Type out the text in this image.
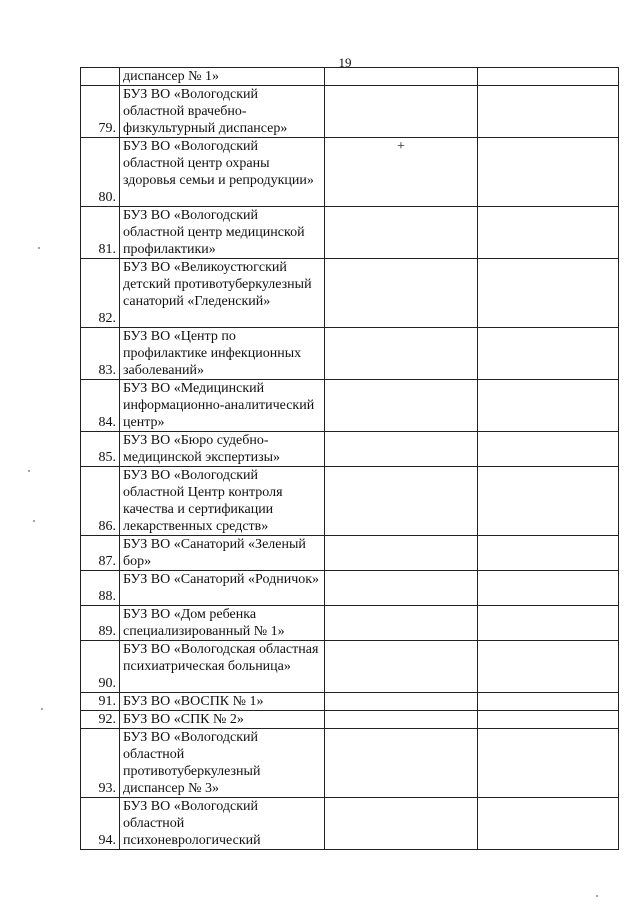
19
	диспансер № 1»		
79.	БУЗ ВО «Вологодский областной врачебно-физкультурный диспансер»		
80.	БУЗ ВО «Вологодский областной центр охраны здоровья семьи и репродукции»	+	
81.	БУЗ ВО «Вологодский областной центр медицинской профилактики»		
82.	БУЗ ВО «Великоустюгский детский противотуберкулезный санаторий «Гледенский»		
83.	БУЗ ВО «Центр по профилактике инфекционных заболеваний»		
84.	БУЗ ВО «Медицинский информационно-аналитический центр»		
85.	БУЗ ВО «Бюро судебно-медицинской экспертизы»		
86.	БУЗ ВО «Вологодский областной Центр контроля качества и сертификации лекарственных средств»		
87.	БУЗ ВО «Санаторий «Зеленый бор»		
88.	БУЗ ВО «Санаторий «Родничок»		
89.	БУЗ ВО «Дом ребенка специализированный № 1»		
90.	БУЗ ВО «Вологодская областная психиатрическая больница»		
91.	БУЗ ВО «ВОСПК № 1»		
92.	БУЗ ВО «СПК № 2»		
93.	БУЗ ВО «Вологодский областной противотуберкулезный диспансер № 3»		
94.	БУЗ ВО «Вологодский областной психоневрологический		
